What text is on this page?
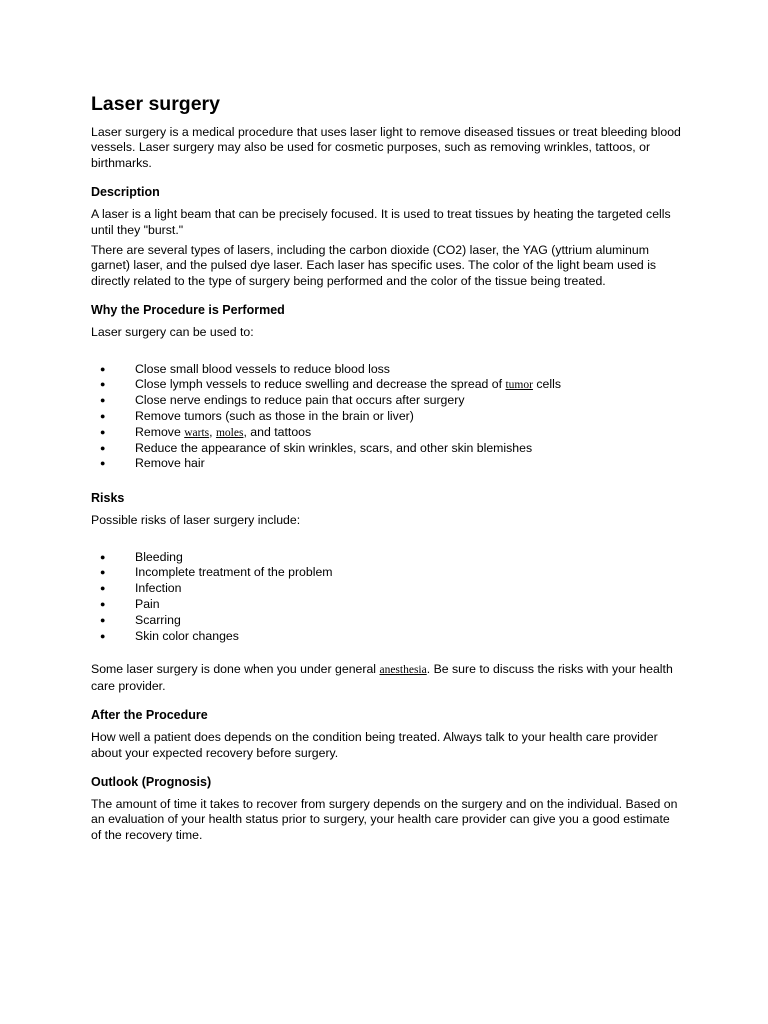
Laser surgery

Laser surgery is a medical procedure that uses laser light to remove diseased tissues or treat bleeding blood vessels. Laser surgery may also be used for cosmetic purposes, such as removing wrinkles, tattoos, or birthmarks.

Description

A laser is a light beam that can be precisely focused. It is used to treat tissues by heating the targeted cells until they "burst."

There are several types of lasers, including the carbon dioxide (CO2) laser, the YAG (yttrium aluminum garnet) laser, and the pulsed dye laser. Each laser has specific uses. The color of the light beam used is directly related to the type of surgery being performed and the color of the tissue being treated.

Why the Procedure is Performed

Laser surgery can be used to:

● Close small blood vessels to reduce blood loss
● Close lymph vessels to reduce swelling and decrease the spread of tumor cells
● Close nerve endings to reduce pain that occurs after surgery
● Remove tumors (such as those in the brain or liver)
● Remove warts, moles, and tattoos
● Reduce the appearance of skin wrinkles, scars, and other skin blemishes
● Remove hair
Risks

Possible risks of laser surgery include:

● Bleeding
● Incomplete treatment of the problem
● Infection
● Pain
● Scarring
● Skin color changes

Some laser surgery is done when you under general anesthesia. Be sure to discuss the risks with your health care provider.

After the Procedure

How well a patient does depends on the condition being treated. Always talk to your health care provider about your expected recovery before surgery.

Outlook (Prognosis)

The amount of time it takes to recover from surgery depends on the surgery and on the individual. Based on an evaluation of your health status prior to surgery, your health care provider can give you a good estimate of the recovery time.
